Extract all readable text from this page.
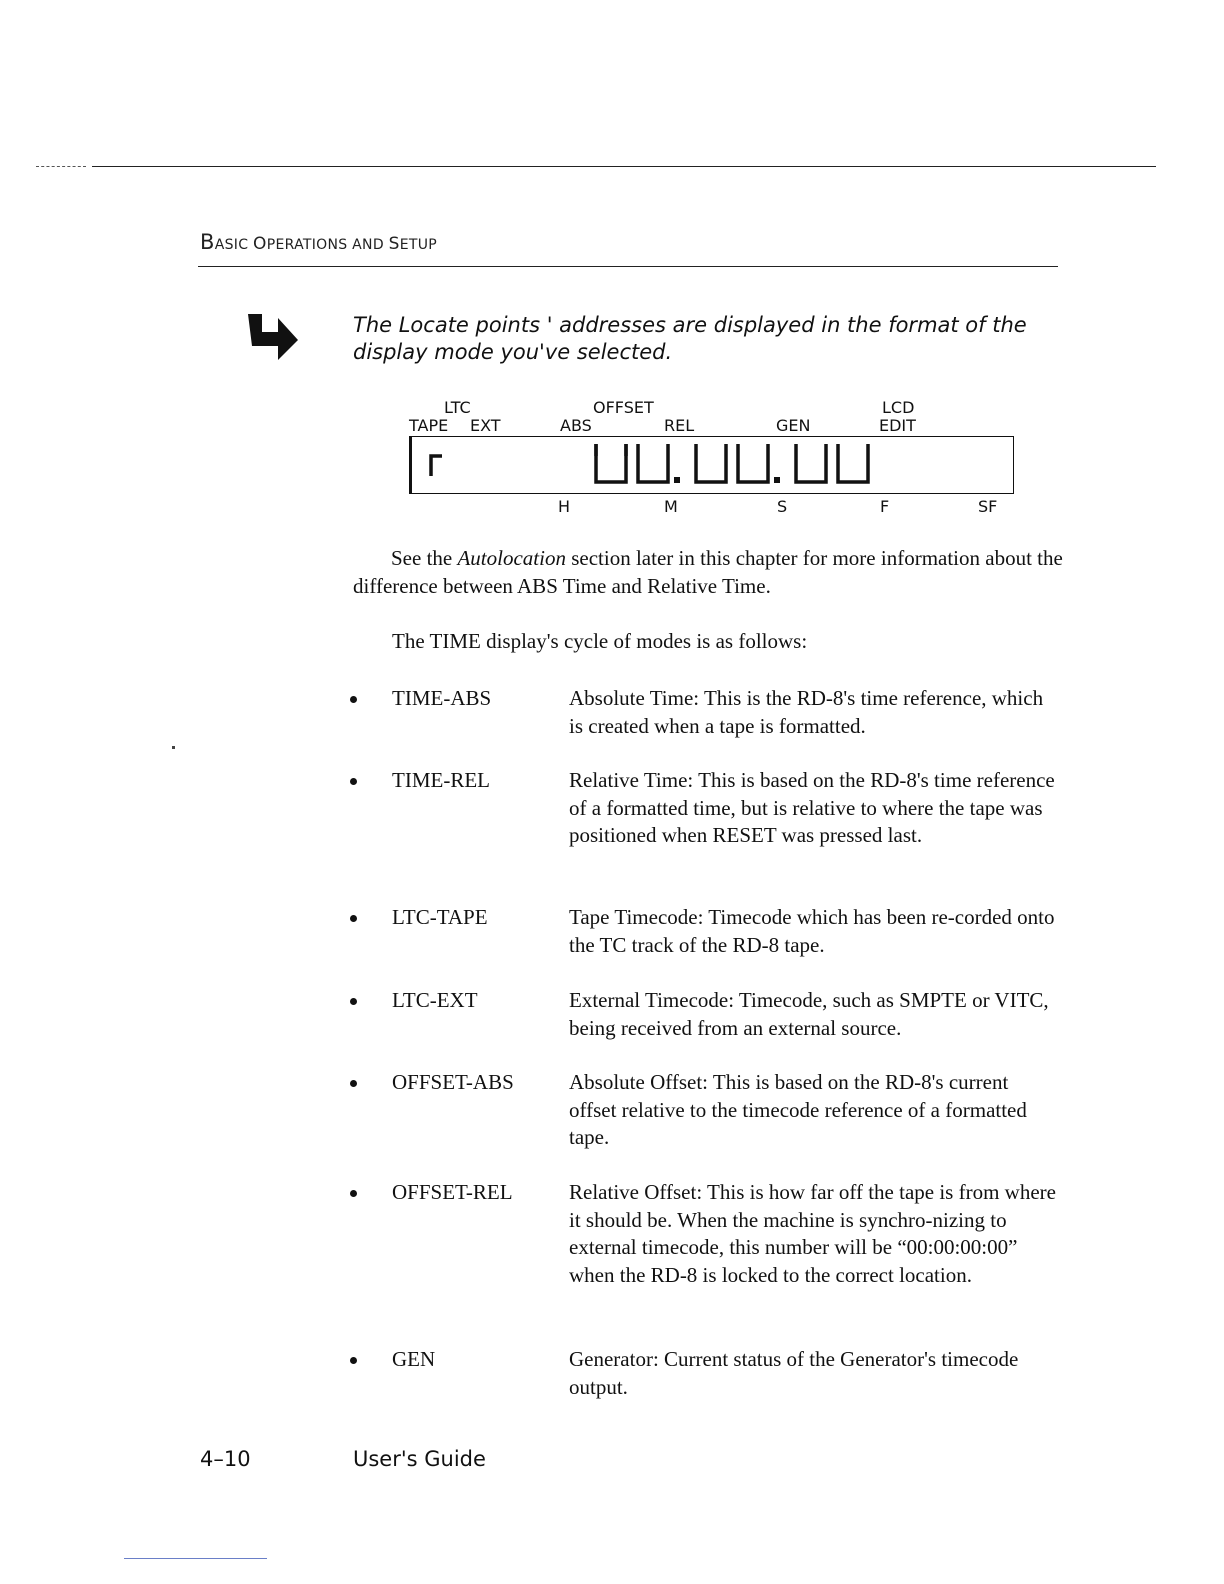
BASIC OPERATIONS AND SETUP
The Locate points ' addresses are displayed in the format of the display mode you've selected.
LTC
TAPE EXT
OFFSET
ABS	REL	GEN
LCD
EDIT
H	M	S	F	SF
See the Autolocation section later in this chapter for more information about the difference between ABS Time and Relative Time.
The TIME display's cycle of modes is as follows:
TIME-ABS	Absolute Time: This is the RD-8's time reference, which is created when a tape is formatted.
TIME-REL	Relative Time: This is based on the RD-8's time reference of a formatted time, but is relative to where the tape was positioned when RESET was pressed last.
LTC-TAPE	Tape Timecode: Timecode which has been re-corded onto the TC track of the RD-8 tape.
LTC-EXT	External Timecode: Timecode, such as SMPTE or VITC, being received from an external source.
OFFSET-ABS	Absolute Offset: This is based on the RD-8's current offset relative to the timecode reference of a formatted tape.
OFFSET-REL	Relative Offset: This is how far off the tape is from where it should be. When the machine is synchro-nizing to external timecode, this number will be “00:00:00:00” when the RD-8 is locked to the correct location.
GEN	Generator: Current status of the Generator's timecode output.
4–10	User's Guide
